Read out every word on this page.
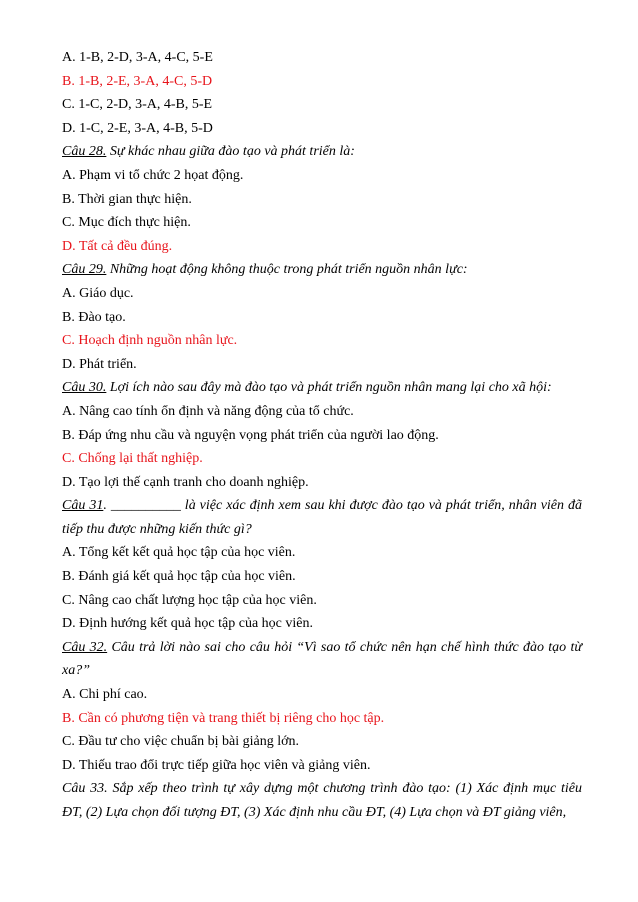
A. 1-B, 2-D, 3-A, 4-C, 5-E
B. 1-B, 2-E, 3-A, 4-C, 5-D
C. 1-C, 2-D, 3-A, 4-B, 5-E
D. 1-C, 2-E, 3-A, 4-B, 5-D
Câu 28. Sự khác nhau giữa đào tạo và phát triển là:
A. Phạm vi tổ chức 2 họat động.
B. Thời gian thực hiện.
C. Mục đích thực hiện.
D. Tất cả đều đúng.
Câu 29. Những hoạt động không thuộc trong phát triển nguồn nhân lực:
A. Giáo dục.
B. Đào tạo.
C. Hoạch định nguồn nhân lực.
D. Phát triển.
Câu 30. Lợi ích nào sau đây mà đào tạo và phát triển nguồn nhân mang lại cho xã hội:
A. Nâng cao tính ổn định và năng động của tổ chức.
B. Đáp ứng nhu cầu và nguyện vọng phát triển của người lao động.
C. Chống lại thất nghiệp.
D. Tạo lợi thế cạnh tranh cho doanh nghiệp.
Câu 31. __________ là việc xác định xem sau khi được đào tạo và phát triển, nhân viên đã tiếp thu được những kiến thức gì?
A. Tổng kết kết quả học tập của học viên.
B. Đánh giá kết quả học tập của học viên.
C. Nâng cao chất lượng học tập của học viên.
D. Định hướng kết quả học tập của học viên.
Câu 32. Câu trả lời nào sai cho câu hỏi “Vì sao tổ chức nên hạn chế hình thức đào tạo từ xa?”
A. Chi phí cao.
B. Cần có phương tiện và trang thiết bị riêng cho học tập.
C. Đầu tư cho việc chuẩn bị bài giảng lớn.
D. Thiếu trao đổi trực tiếp giữa học viên và giảng viên.
Câu 33. Sắp xếp theo trình tự xây dựng một chương trình đào tạo: (1) Xác định mục tiêu ĐT, (2) Lựa chọn đối tượng ĐT, (3) Xác định nhu cầu ĐT, (4) Lựa chọn và ĐT giảng viên,
